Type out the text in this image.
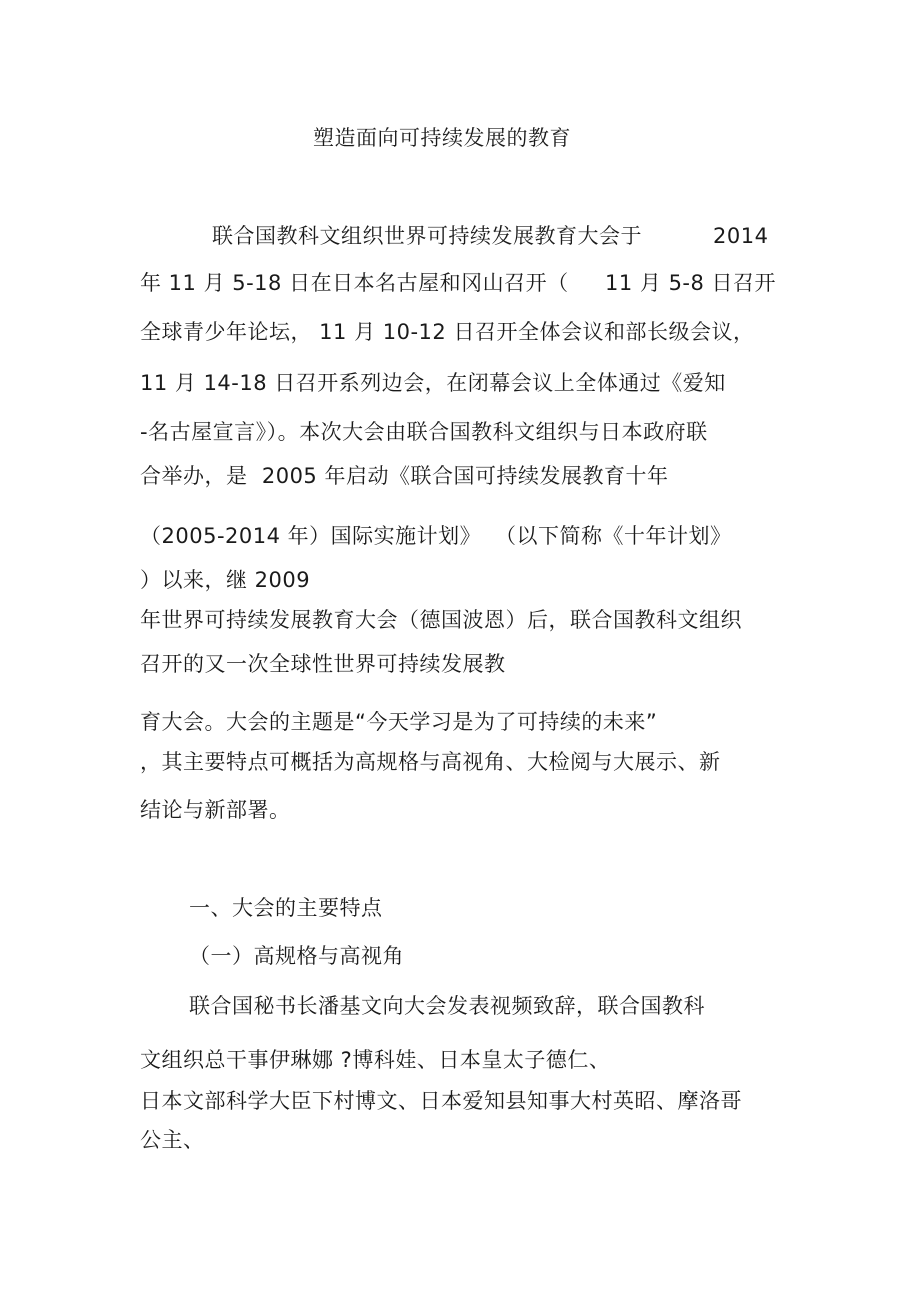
塑造面向可持续发展的教育
联合国教科文组织世界可持续发展教育大会于	2014
年 11 月 5-18 日在日本名古屋和冈山召开（ 11 月 5-8 日召开
全球青少年论坛， 11 月 10-12 日召开全体会议和部长级会议，
11 月 14-18 日召开系列边会，在闭幕会议上全体通过《爱知
-名古屋宣言》）。本次大会由联合国教科文组织与日本政府联
合举办，是  2005 年启动《联合国可持续发展教育十年
（2005-2014 年）国际实施计划》 （以下简称《十年计划》
）以来，继 2009
年世界可持续发展教育大会（德国波恩）后，联合国教科文组织
召开的又一次全球性世界可持续发展教
育大会。大会的主题是“今天学习是为了可持续的未来”
，其主要特点可概括为高规格与高视角、大检阅与大展示、新
结论与新部署。
一、大会的主要特点
（一）高规格与高视角
联合国秘书长潘基文向大会发表视频致辞，联合国教科
文组织总干事伊琳娜 ?博科娃、日本皇太子德仁、
日本文部科学大臣下村博文、日本爱知县知事大村英昭、摩洛哥
公主、
